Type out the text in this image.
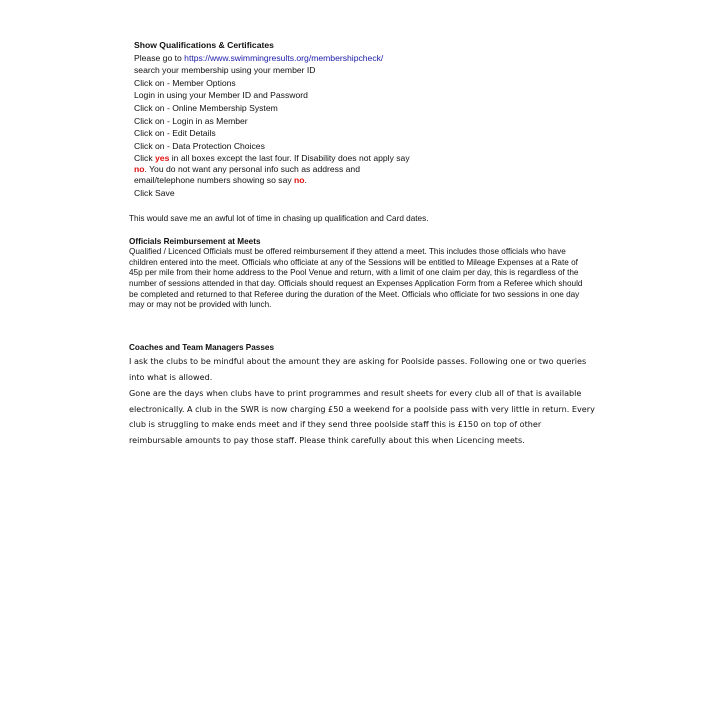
Show Qualifications & Certificates
Please go to https://www.swimmingresults.org/membershipcheck/
search your membership using your member ID
Click on - Member Options
Login in using your Member ID and Password
Click on - Online Membership System
Click on - Login in as Member
Click on - Edit Details
Click on - Data Protection Choices
Click yes in all boxes except the last four. If Disability does not apply say no. You do not want any personal info such as address and email/telephone numbers showing so say no.
Click Save
This would save me an awful lot of time in chasing up qualification and Card dates.
Officials Reimbursement at Meets
Qualified / Licenced Officials must be offered reimbursement if they attend a meet. This includes those officials who have children entered into the meet. Officials who officiate at any of the Sessions will be entitled to Mileage Expenses at a Rate of 45p per mile from their home address to the Pool Venue and return, with a limit of one claim per day, this is regardless of the number of sessions attended in that day. Officials should request an Expenses Application Form from a Referee which should be completed and returned to that Referee during the duration of the Meet. Officials who officiate for two sessions in one day may or may not be provided with lunch.
Coaches and Team Managers Passes
I ask the clubs to be mindful about the amount they are asking for Poolside passes. Following one or two queries into what is allowed.
Gone are the days when clubs have to print programmes and result sheets for every club all of that is available electronically. A club in the SWR is now charging £50 a weekend for a poolside pass with very little in return. Every club is struggling to make ends meet and if they send three poolside staff this is £150 on top of other reimbursable amounts to pay those staff. Please think carefully about this when Licencing meets.
